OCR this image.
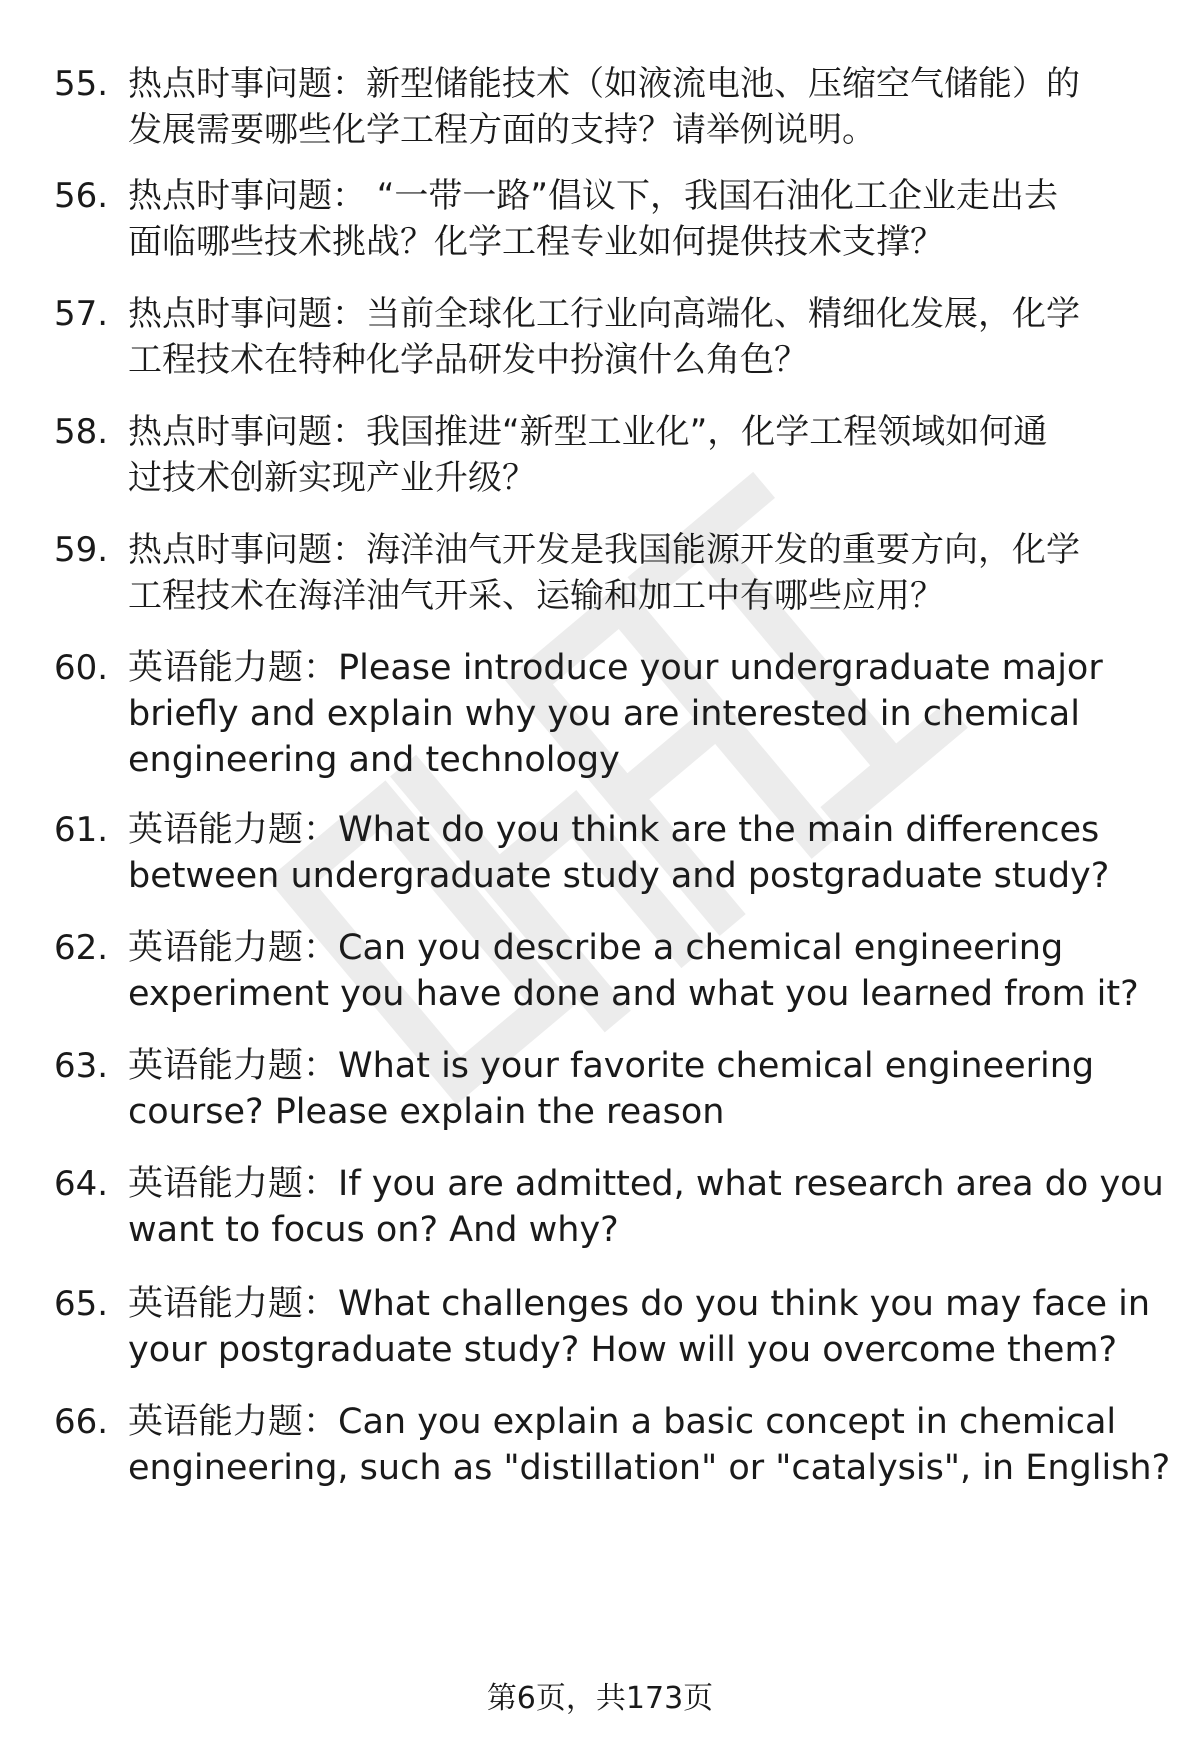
55. 热点时事问题：新型储能技术（如液流电池、压缩空气储能）的
发展需要哪些化学工程方面的支持？请举例说明。
56. 热点时事问题： “一带一路”倡议下，我国石油化工企业走出去
面临哪些技术挑战？化学工程专业如何提供技术支撑？
57. 热点时事问题：当前全球化工行业向高端化、精细化发展，化学
工程技术在特种化学品研发中扮演什么角色？
58. 热点时事问题：我国推进“新型工业化”，化学工程领域如何通
过技术创新实现产业升级？
59. 热点时事问题：海洋油气开发是我国能源开发的重要方向，化学
工程技术在海洋油气开采、运输和加工中有哪些应用？
60. 英语能力题：Please introduce your undergraduate major
briefly and explain why you are interested in chemical
engineering and technology
61. 英语能力题：What do you think are the main differences
between undergraduate study and postgraduate study?
62. 英语能力题：Can you describe a chemical engineering
experiment you have done and what you learned from it?
63. 英语能力题：What is your favorite chemical engineering
course? Please explain the reason
64. 英语能力题：If you are admitted, what research area do you
want to focus on? And why?
65. 英语能力题：What challenges do you think you may face in
your postgraduate study? How will you overcome them?
66. 英语能力题：Can you explain a basic concept in chemical
engineering, such as "distillation" or "catalysis", in English?
第6页，共173页
